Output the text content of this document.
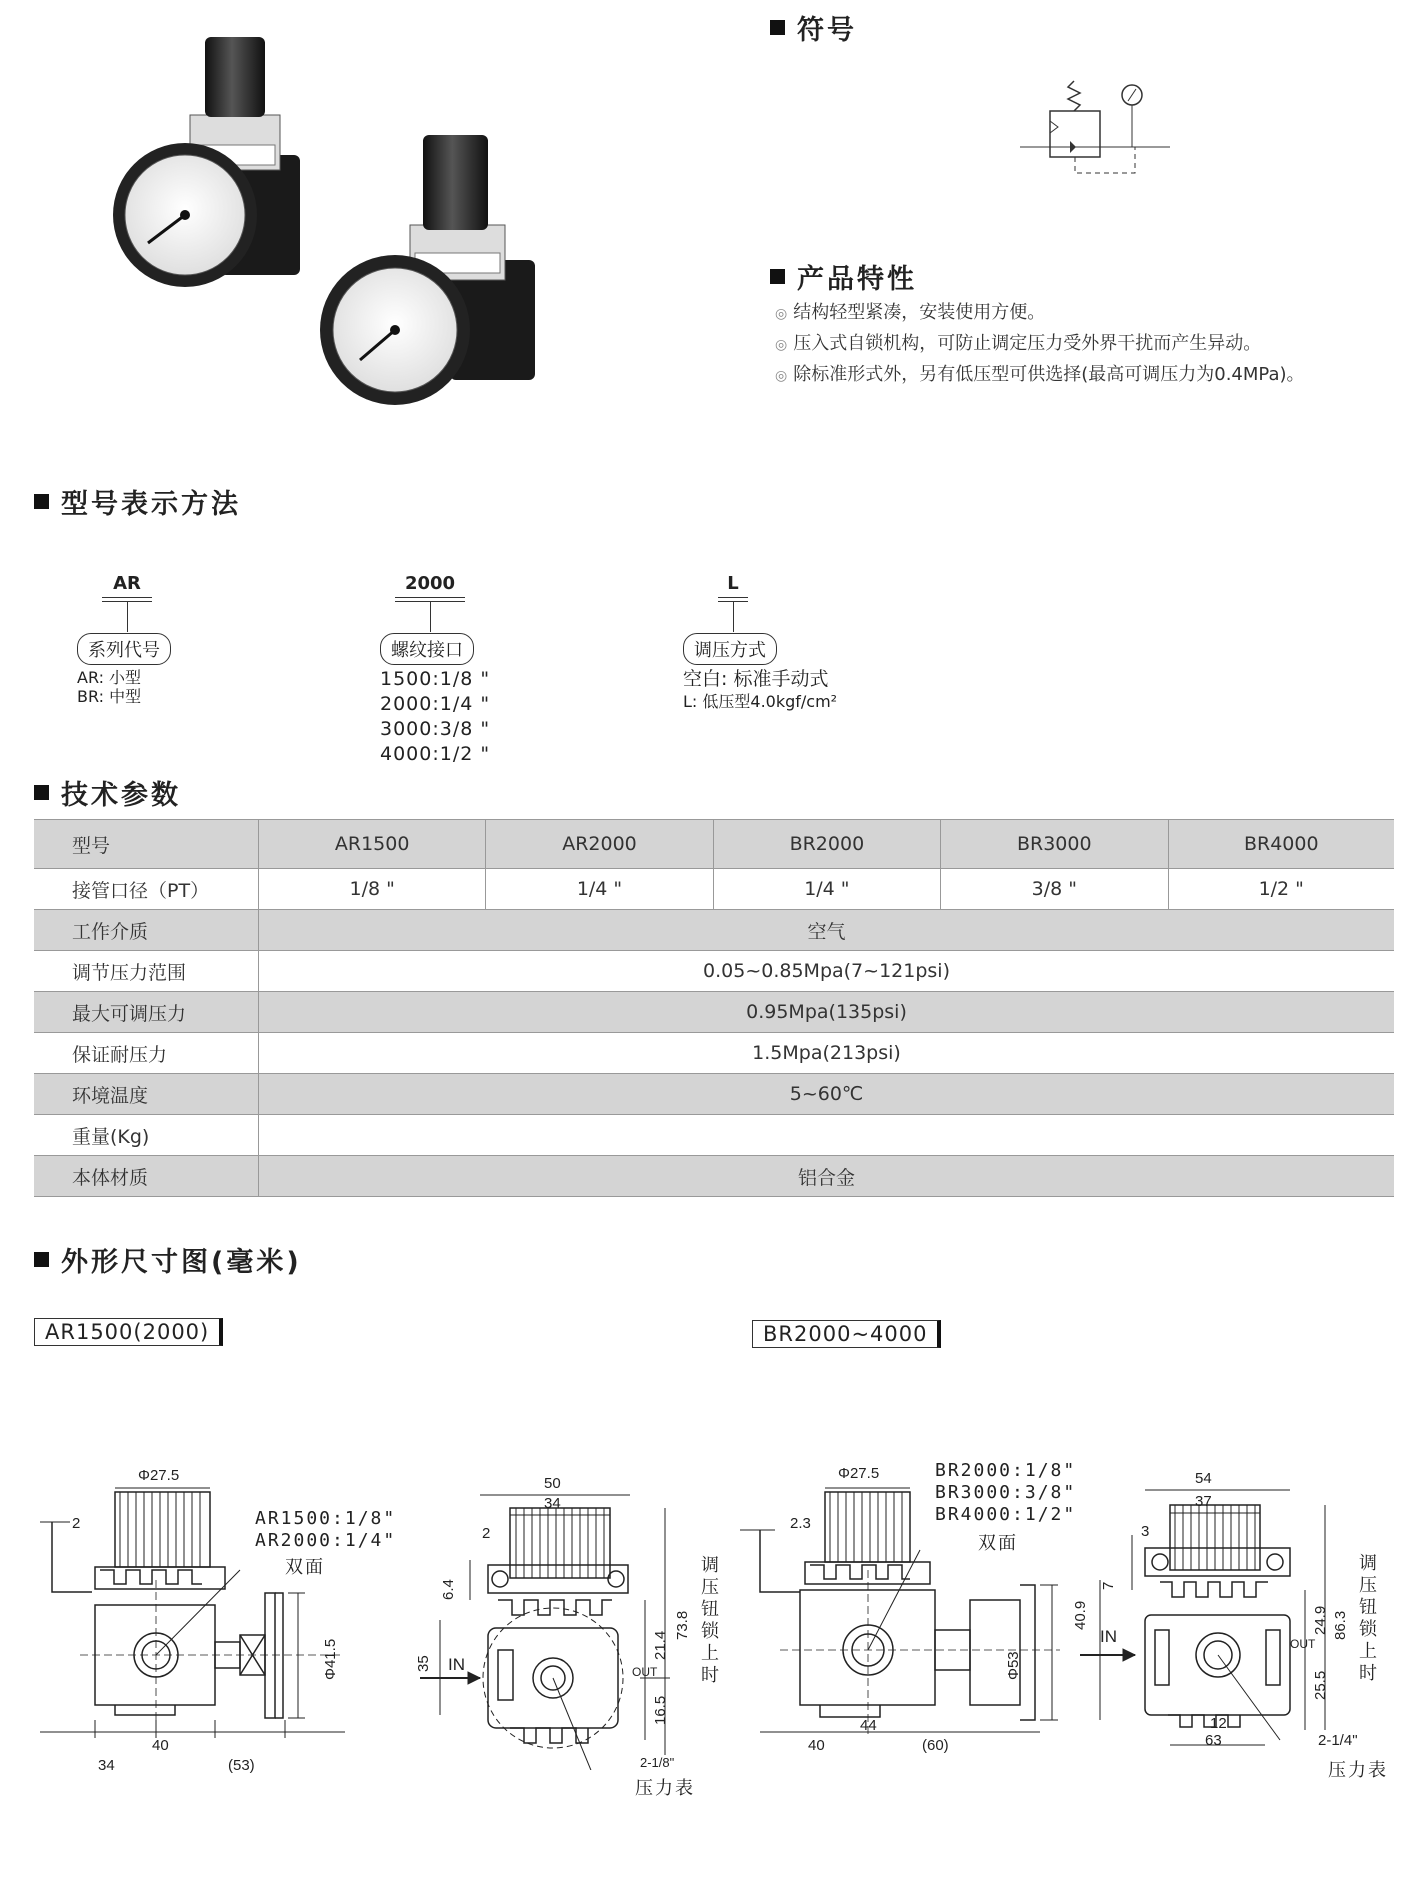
符号
产品特性
◎ 结构轻型紧凑，安装使用方便。
◎ 压入式自锁机构，可防止调定压力受外界干扰而产生异动。
◎ 除标准形式外，另有低压型可供选择(最高可调压力为0.4MPa)。
型号表示方法
AR
系列代号
AR: 小型
BR: 中型
2000
螺纹接口
1500:1/8 "
2000:1/4 "
3000:3/8 "
4000:1/2 "
L
调压方式
空白: 标准手动式
L: 低压型4.0kgf/cm²
技术参数
型号	AR1500	AR2000	BR2000	BR3000	BR4000
接管口径（PT）	1/8 "	1/4 "	1/4 "	3/8 "	1/2 "
工作介质	空气				
调节压力范围	0.05~0.85Mpa(7~121psi)				
最大可调压力	0.95Mpa(135psi)				
保证耐压力	1.5Mpa(213psi)				
环境温度	5~60℃				
重量(Kg)					
本体材质	铝合金				
外形尺寸图(毫米)
AR1500(2000)	BR2000~4000
Φ27.5
2
40
34	(53)
Φ41.5
AR1500:1/8"
AR2000:1/4"
双面
50
34
2
6.4
35
21.4
73.8
16.5
IN	OUT
2-1/8"
调压钮锁上时
压力表
Φ27.5
2.3
40
44
(60)
Φ53
BR2000:1/8"
BR3000:3/8"
BR4000:1/2"
双面
54
37
3
7
40.9	24.9 86.3
25.5
12
63
IN	OUT
2-1/4"
调压钮锁上时
压力表
